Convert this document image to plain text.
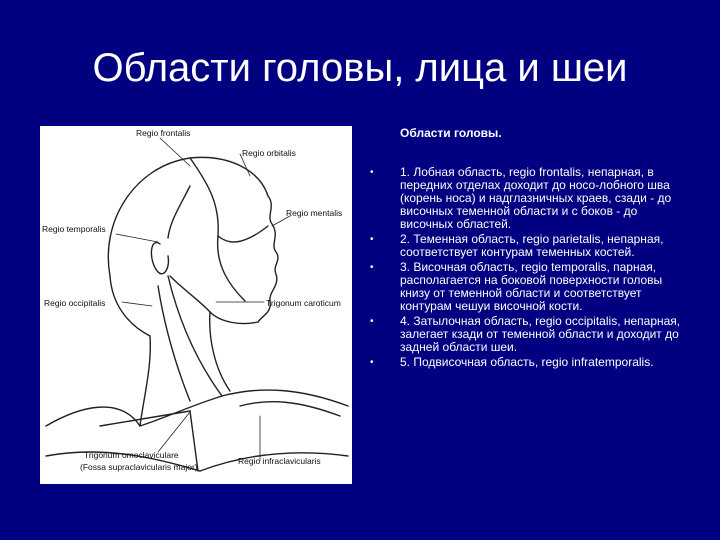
Области головы, лица и шеи
Regio frontalis
Regio orbitalis
Regio temporalis
Regio mentalis
Regio occipitalis	Trigonum caroticum
Trigonum omoclaviculare
(Fossa supraclavicularis major)
Regio infraclavicularis
Области головы.
• 1. Лобная область, regio frontalis, непарная, в передних отделах доходит до носо-лобного шва (корень носа) и надглазничных краев, сзади - до височных теменной области и с боков - до височных областей.
• 2. Теменная область, regio parietalis, непарная, соответствует контурам теменных костей.
• 3. Височная область, regio temporalis, парная, располагается на боковой поверхности головы книзу от теменной области и соответствует контурам чешуи височной кости.
• 4. Затылочная область, regio occipitalis, непарная, залегает кзади от теменной области и доходит до задней области шеи.
• 5. Подвисочная область, regio infratemporalis.
